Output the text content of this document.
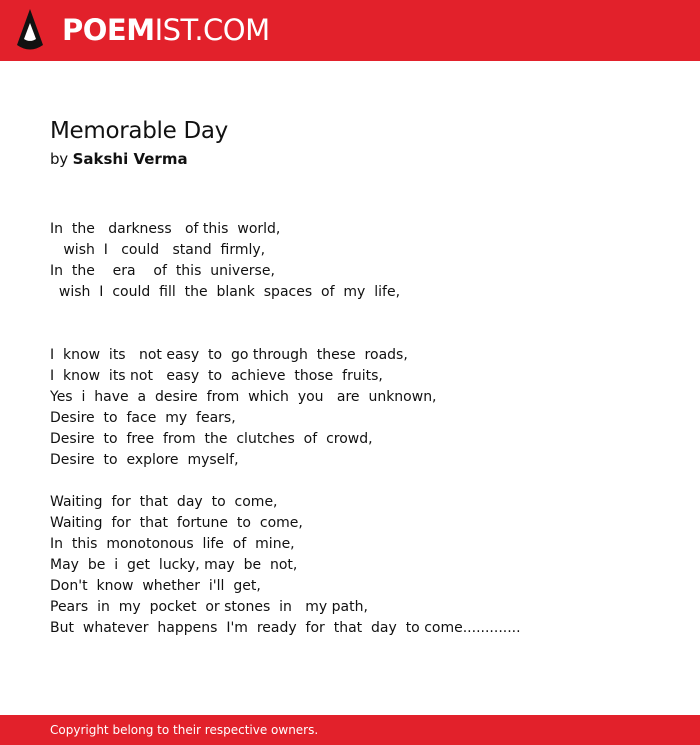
POEMIST.COM
Memorable Day
by Sakshi Verma
In  the   darkness   of this  world,
wish  I   could   stand  firmly,
In  the    era    of  this  universe,
wish  I  could  fill  the  blank  spaces  of  my  life,
I  know  its   not easy  to  go through  these  roads,
I  know  its not   easy  to  achieve  those  fruits,
Yes  i  have  a  desire  from  which  you   are  unknown,
Desire  to  face  my  fears,
Desire  to  free  from  the  clutches  of  crowd,
Desire  to  explore  myself,
Waiting  for  that  day  to  come,
Waiting  for  that  fortune  to  come,
In  this  monotonous  life  of  mine,
May  be  i  get  lucky, may  be  not,
Don't  know  whether  i'll  get,
Pears  in  my  pocket  or stones  in   my path,
But  whatever  happens  I'm  ready  for  that  day  to come.............
Copyright belong to their respective owners.
